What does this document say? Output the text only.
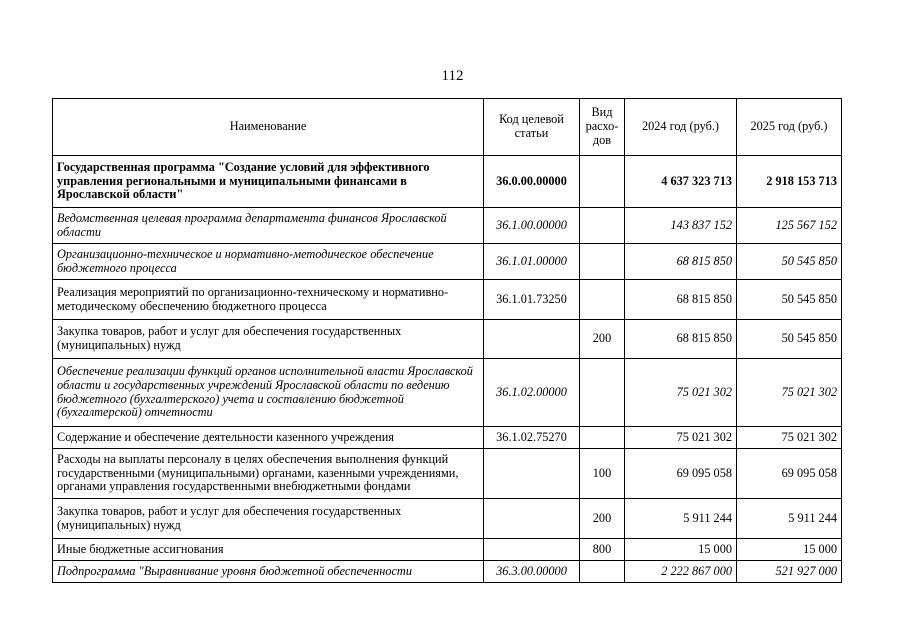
112
Наименование	Код целевой статьи	Вид расхо- дов	2024 год (руб.)	2025 год (руб.)
Государственная программа "Создание условий для эффективного управления региональными и муниципальными финансами в Ярославской области"	36.0.00.00000		4 637 323 713	2 918 153 713
Ведомственная целевая программа департамента финансов Ярославской области	36.1.00.00000		143 837 152	125 567 152
Организационно-техническое и нормативно-методическое обеспечение бюджетного процесса	36.1.01.00000		68 815 850	50 545 850
Реализация мероприятий по организационно-техническому и нормативно-методическому обеспечению бюджетного процесса	36.1.01.73250		68 815 850	50 545 850
Закупка товаров, работ и услуг для обеспечения государственных (муниципальных) нужд		200	68 815 850	50 545 850
Обеспечение реализации функций органов исполнительной власти Ярославской области и государственных учреждений Ярославской области по ведению бюджетного (бухгалтерского) учета и составлению бюджетной (бухгалтерской) отчетности	36.1.02.00000		75 021 302	75 021 302
Содержание и обеспечение деятельности казенного учреждения	36.1.02.75270		75 021 302	75 021 302
Расходы на выплаты персоналу в целях обеспечения выполнения функций государственными (муниципальными) органами, казенными учреждениями, органами управления государственными внебюджетными фондами		100	69 095 058	69 095 058
Закупка товаров, работ и услуг для обеспечения государственных (муниципальных) нужд		200	5 911 244	5 911 244
Иные бюджетные ассигнования		800	15 000	15 000
Подпрограмма "Выравнивание уровня бюджетной обеспеченности	36.3.00.00000		2 222 867 000	521 927 000
